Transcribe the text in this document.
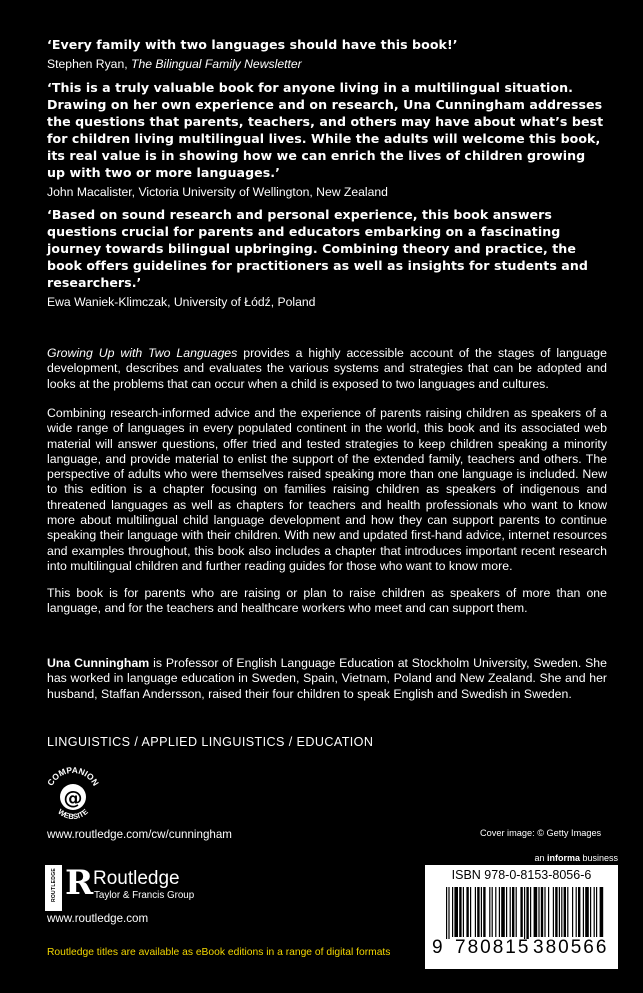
‘Every family with two languages should have this book!’
Stephen Ryan, The Bilingual Family Newsletter
‘This is a truly valuable book for anyone living in a multilingual situation. Drawing on her own experience and on research, Una Cunningham addresses the questions that parents, teachers, and others may have about what’s best for children living multilingual lives. While the adults will welcome this book, its real value is in showing how we can enrich the lives of children growing up with two or more languages.’
John Macalister, Victoria University of Wellington, New Zealand
‘Based on sound research and personal experience, this book answers questions crucial for parents and educators embarking on a fascinating journey towards bilingual upbringing. Combining theory and practice, the book offers guidelines for practitioners as well as insights for students and researchers.’
Ewa Waniek-Klimczak, University of Łódź, Poland
Growing Up with Two Languages provides a highly accessible account of the stages of language development, describes and evaluates the various systems and strategies that can be adopted and looks at the problems that can occur when a child is exposed to two languages and cultures.
Combining research-informed advice and the experience of parents raising children as speakers of a wide range of languages in every populated continent in the world, this book and its associated web material will answer questions, offer tried and tested strategies to keep children speaking a minority language, and provide material to enlist the support of the extended family, teachers and others. The perspective of adults who were themselves raised speaking more than one language is included. New to this edition is a chapter focusing on families raising children as speakers of indigenous and threatened languages as well as chapters for teachers and health professionals who want to know more about multilingual child language development and how they can support parents to continue speaking their language with their children. With new and updated first-hand advice, internet resources and examples throughout, this book also includes a chapter that introduces important recent research into multilingual children and further reading guides for those who want to know more.
This book is for parents who are raising or plan to raise children as speakers of more than one language, and for the teachers and healthcare workers who meet and can support them.
Una Cunningham is Professor of English Language Education at Stockholm University, Sweden. She has worked in language education in Sweden, Spain, Vietnam, Poland and New Zealand. She and her husband, Staffan Andersson, raised their four children to speak English and Swedish in Sweden.
LINGUISTICS / APPLIED LINGUISTICS / EDUCATION
COMPANION
WEBSITE
@
www.routledge.com/cw/cunningham	Cover image: © Getty Images
an informa business
ROUTLEDGE R Routledge
Taylor & Francis Group
www.routledge.com
ISBN 978-0-8153-8056-6
9 780815 380566
Routledge titles are available as eBook editions in a range of digital formats
